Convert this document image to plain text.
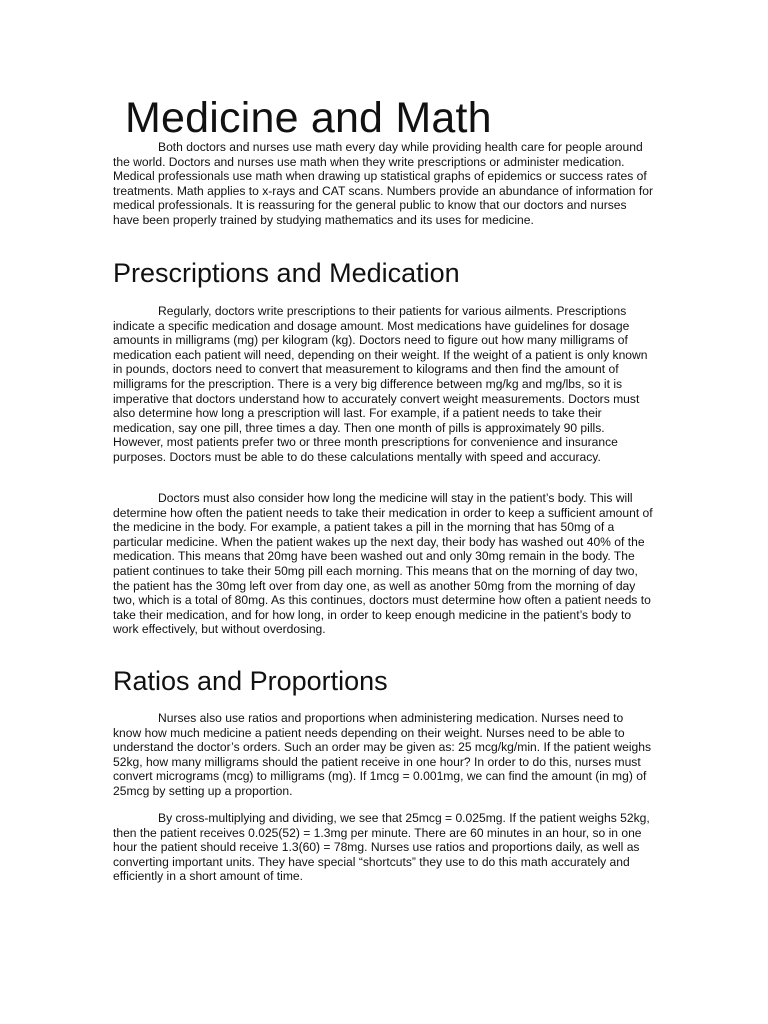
Medicine and Math

Both doctors and nurses use math every day while providing health care for people around the world. Doctors and nurses use math when they write prescriptions or administer medication. Medical professionals use math when drawing up statistical graphs of epidemics or success rates of treatments. Math applies to x-rays and CAT scans. Numbers provide an abundance of information for medical professionals. It is reassuring for the general public to know that our doctors and nurses have been properly trained by studying mathematics and its uses for medicine.

Prescriptions and Medication

Regularly, doctors write prescriptions to their patients for various ailments. Prescriptions indicate a specific medication and dosage amount. Most medications have guidelines for dosage amounts in milligrams (mg) per kilogram (kg). Doctors need to figure out how many milligrams of medication each patient will need, depending on their weight. If the weight of a patient is only known in pounds, doctors need to convert that measurement to kilograms and then find the amount of milligrams for the prescription. There is a very big difference between mg/kg and mg/lbs, so it is imperative that doctors understand how to accurately convert weight measurements. Doctors must also determine how long a prescription will last. For example, if a patient needs to take their medication, say one pill, three times a day. Then one month of pills is approximately 90 pills. However, most patients prefer two or three month prescriptions for convenience and insurance purposes. Doctors must be able to do these calculations mentally with speed and accuracy.

Doctors must also consider how long the medicine will stay in the patient’s body. This will determine how often the patient needs to take their medication in order to keep a sufficient amount of the medicine in the body. For example, a patient takes a pill in the morning that has 50mg of a particular medicine. When the patient wakes up the next day, their body has washed out 40% of the medication. This means that 20mg have been washed out and only 30mg remain in the body. The patient continues to take their 50mg pill each morning. This means that on the morning of day two, the patient has the 30mg left over from day one, as well as another 50mg from the morning of day two, which is a total of 80mg. As this continues, doctors must determine how often a patient needs to take their medication, and for how long, in order to keep enough medicine in the patient’s body to work effectively, but without overdosing.

Ratios and Proportions

Nurses also use ratios and proportions when administering medication. Nurses need to know how much medicine a patient needs depending on their weight. Nurses need to be able to understand the doctor’s orders. Such an order may be given as: 25 mcg/kg/min. If the patient weighs 52kg, how many milligrams should the patient receive in one hour? In order to do this, nurses must convert micrograms (mcg) to milligrams (mg). If 1mcg = 0.001mg, we can find the amount (in mg) of 25mcg by setting up a proportion.

By cross-multiplying and dividing, we see that 25mcg = 0.025mg. If the patient weighs 52kg, then the patient receives 0.025(52) = 1.3mg per minute. There are 60 minutes in an hour, so in one hour the patient should receive 1.3(60) = 78mg. Nurses use ratios and proportions daily, as well as converting important units. They have special “shortcuts” they use to do this math accurately and efficiently in a short amount of time.
